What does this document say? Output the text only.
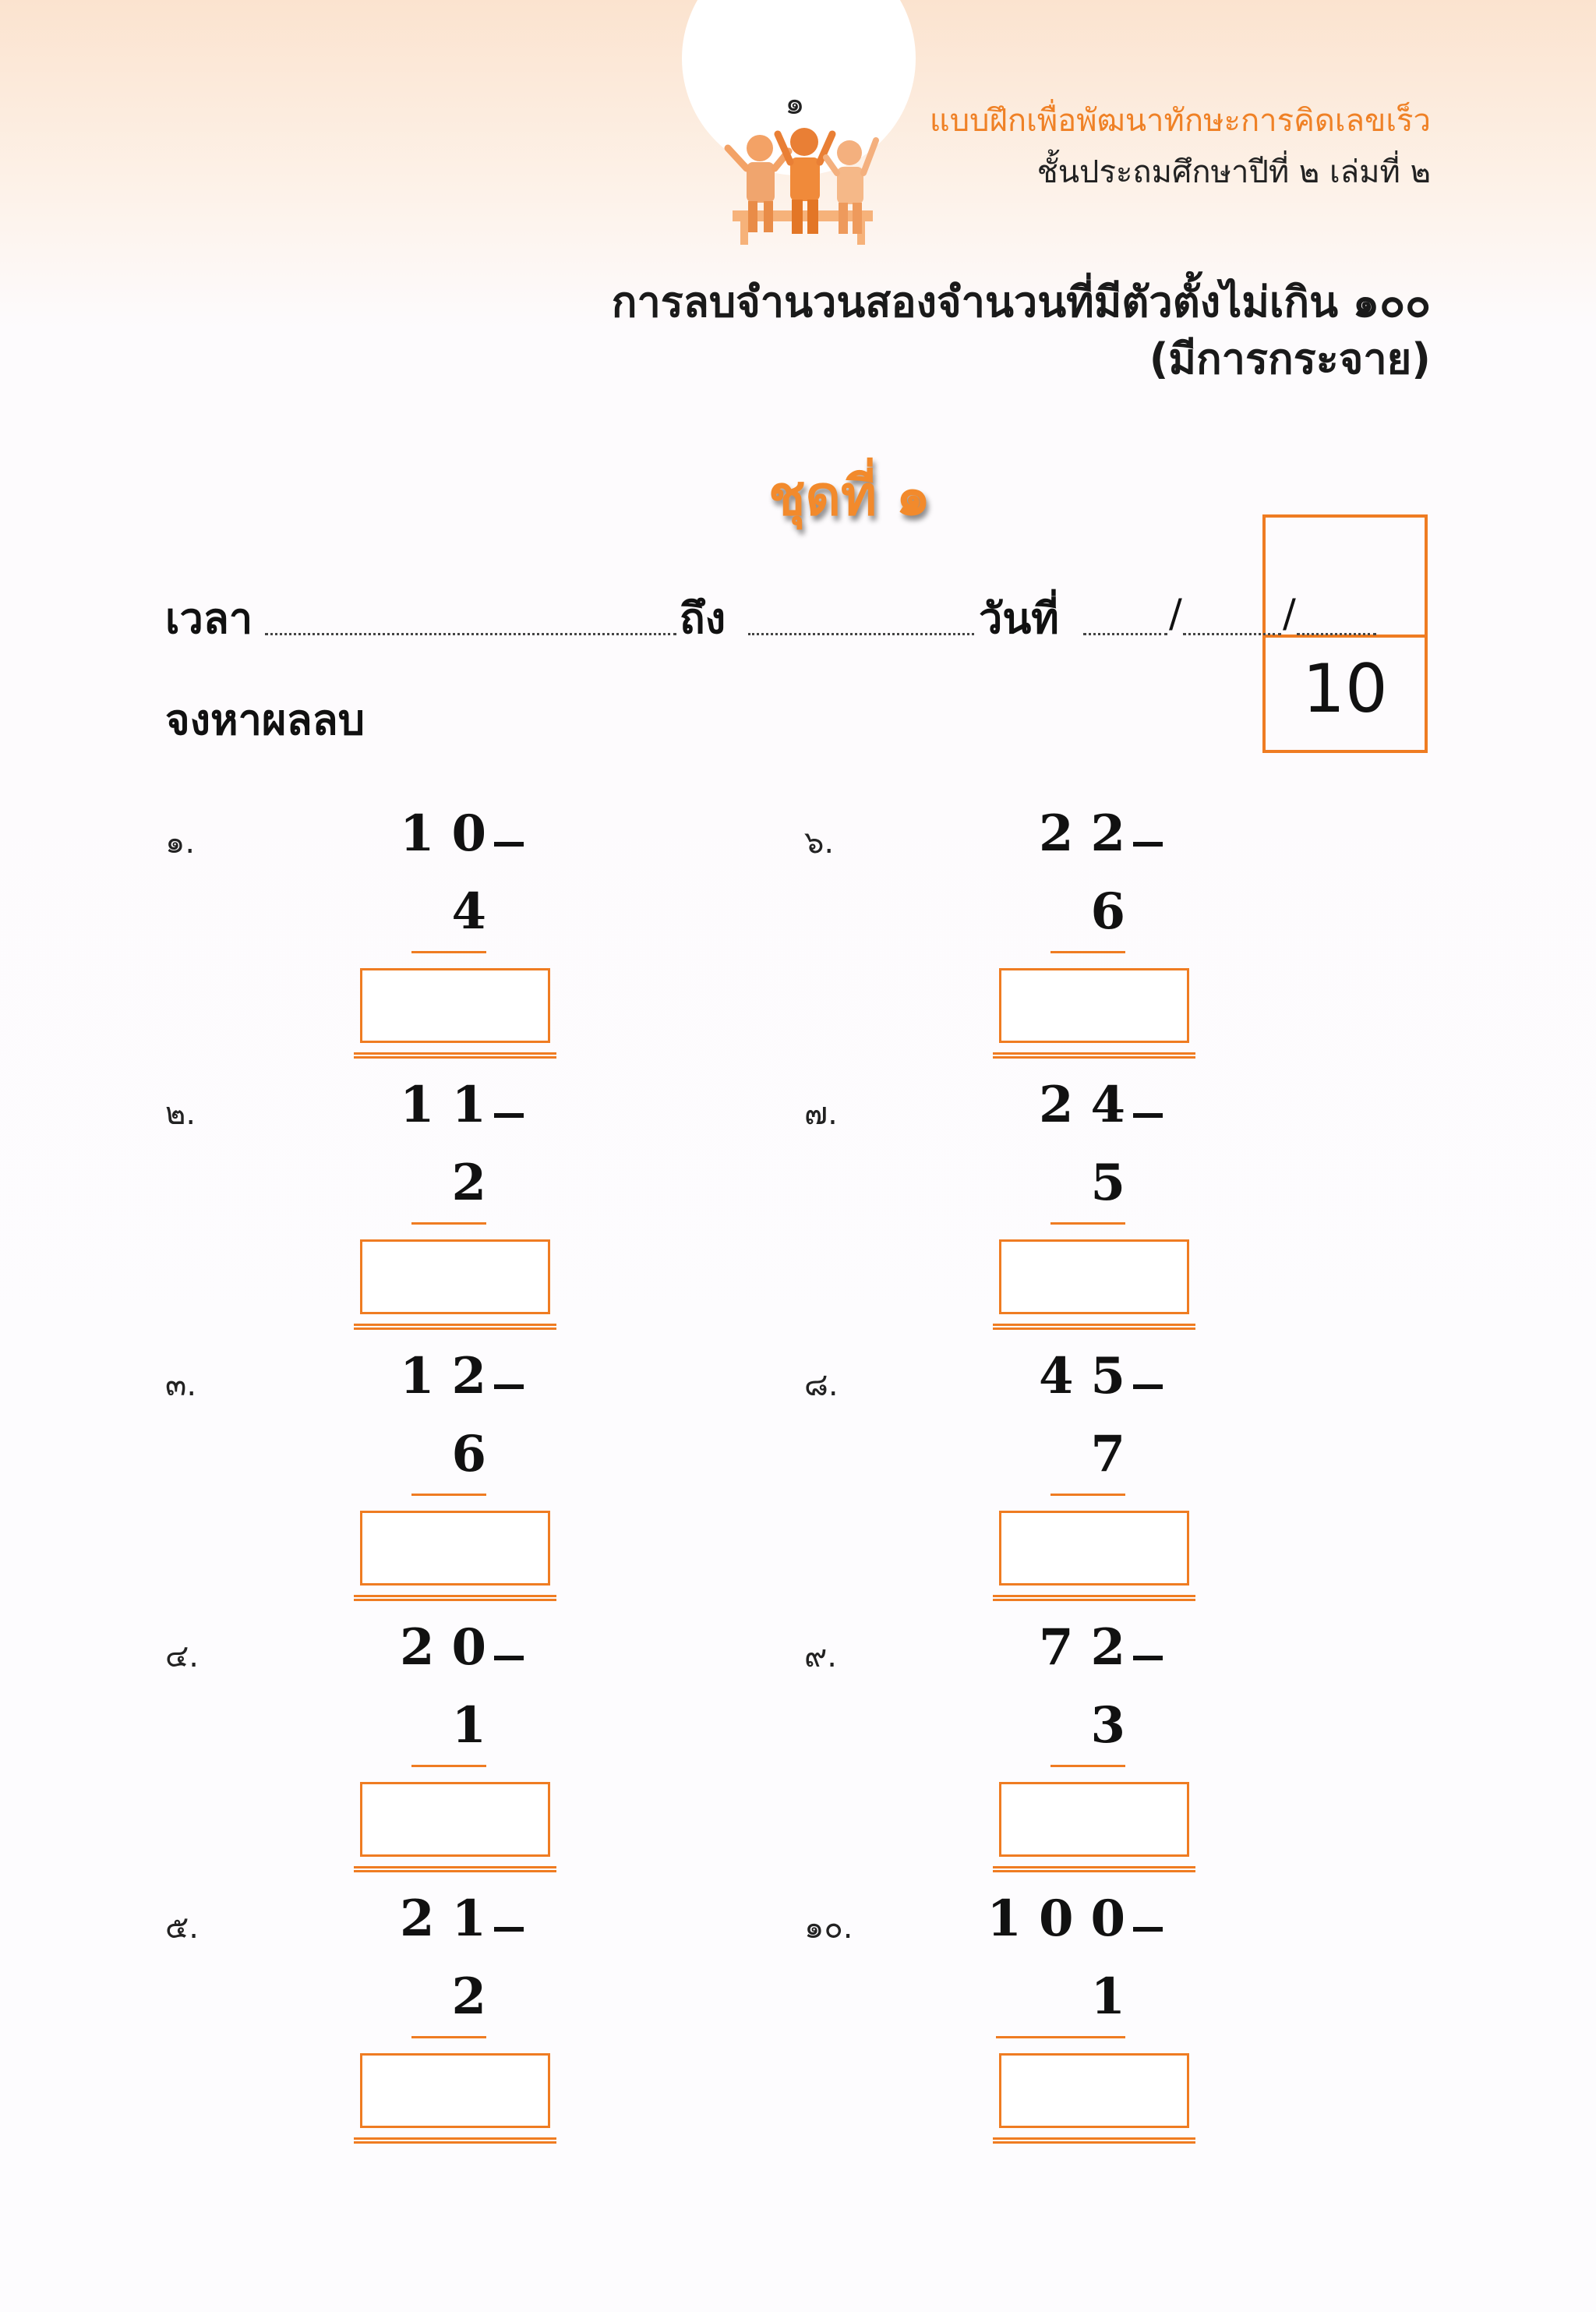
๑	แบบฝึกเพื่อพัฒนาทักษะการคิดเลขเร็ว
ชั้นประถมศึกษาปีที่ ๒ เล่มที่ ๒
การลบจำนวนสองจำนวนที่มีตัวตั้งไม่เกิน ๑๐๐
(มีการกระจาย)
ชุดที่ ๑
10
เวลา	ถึง	วันที่	/	/
จงหาผลลบ
๑.	10
4
๒.	11
2
๓.	12
6
๔.	20
1
๕.	21
2
๖.	22
6
๗.	24
5
๘.	45
7
๙.	72
3
๑๐.	100
1
